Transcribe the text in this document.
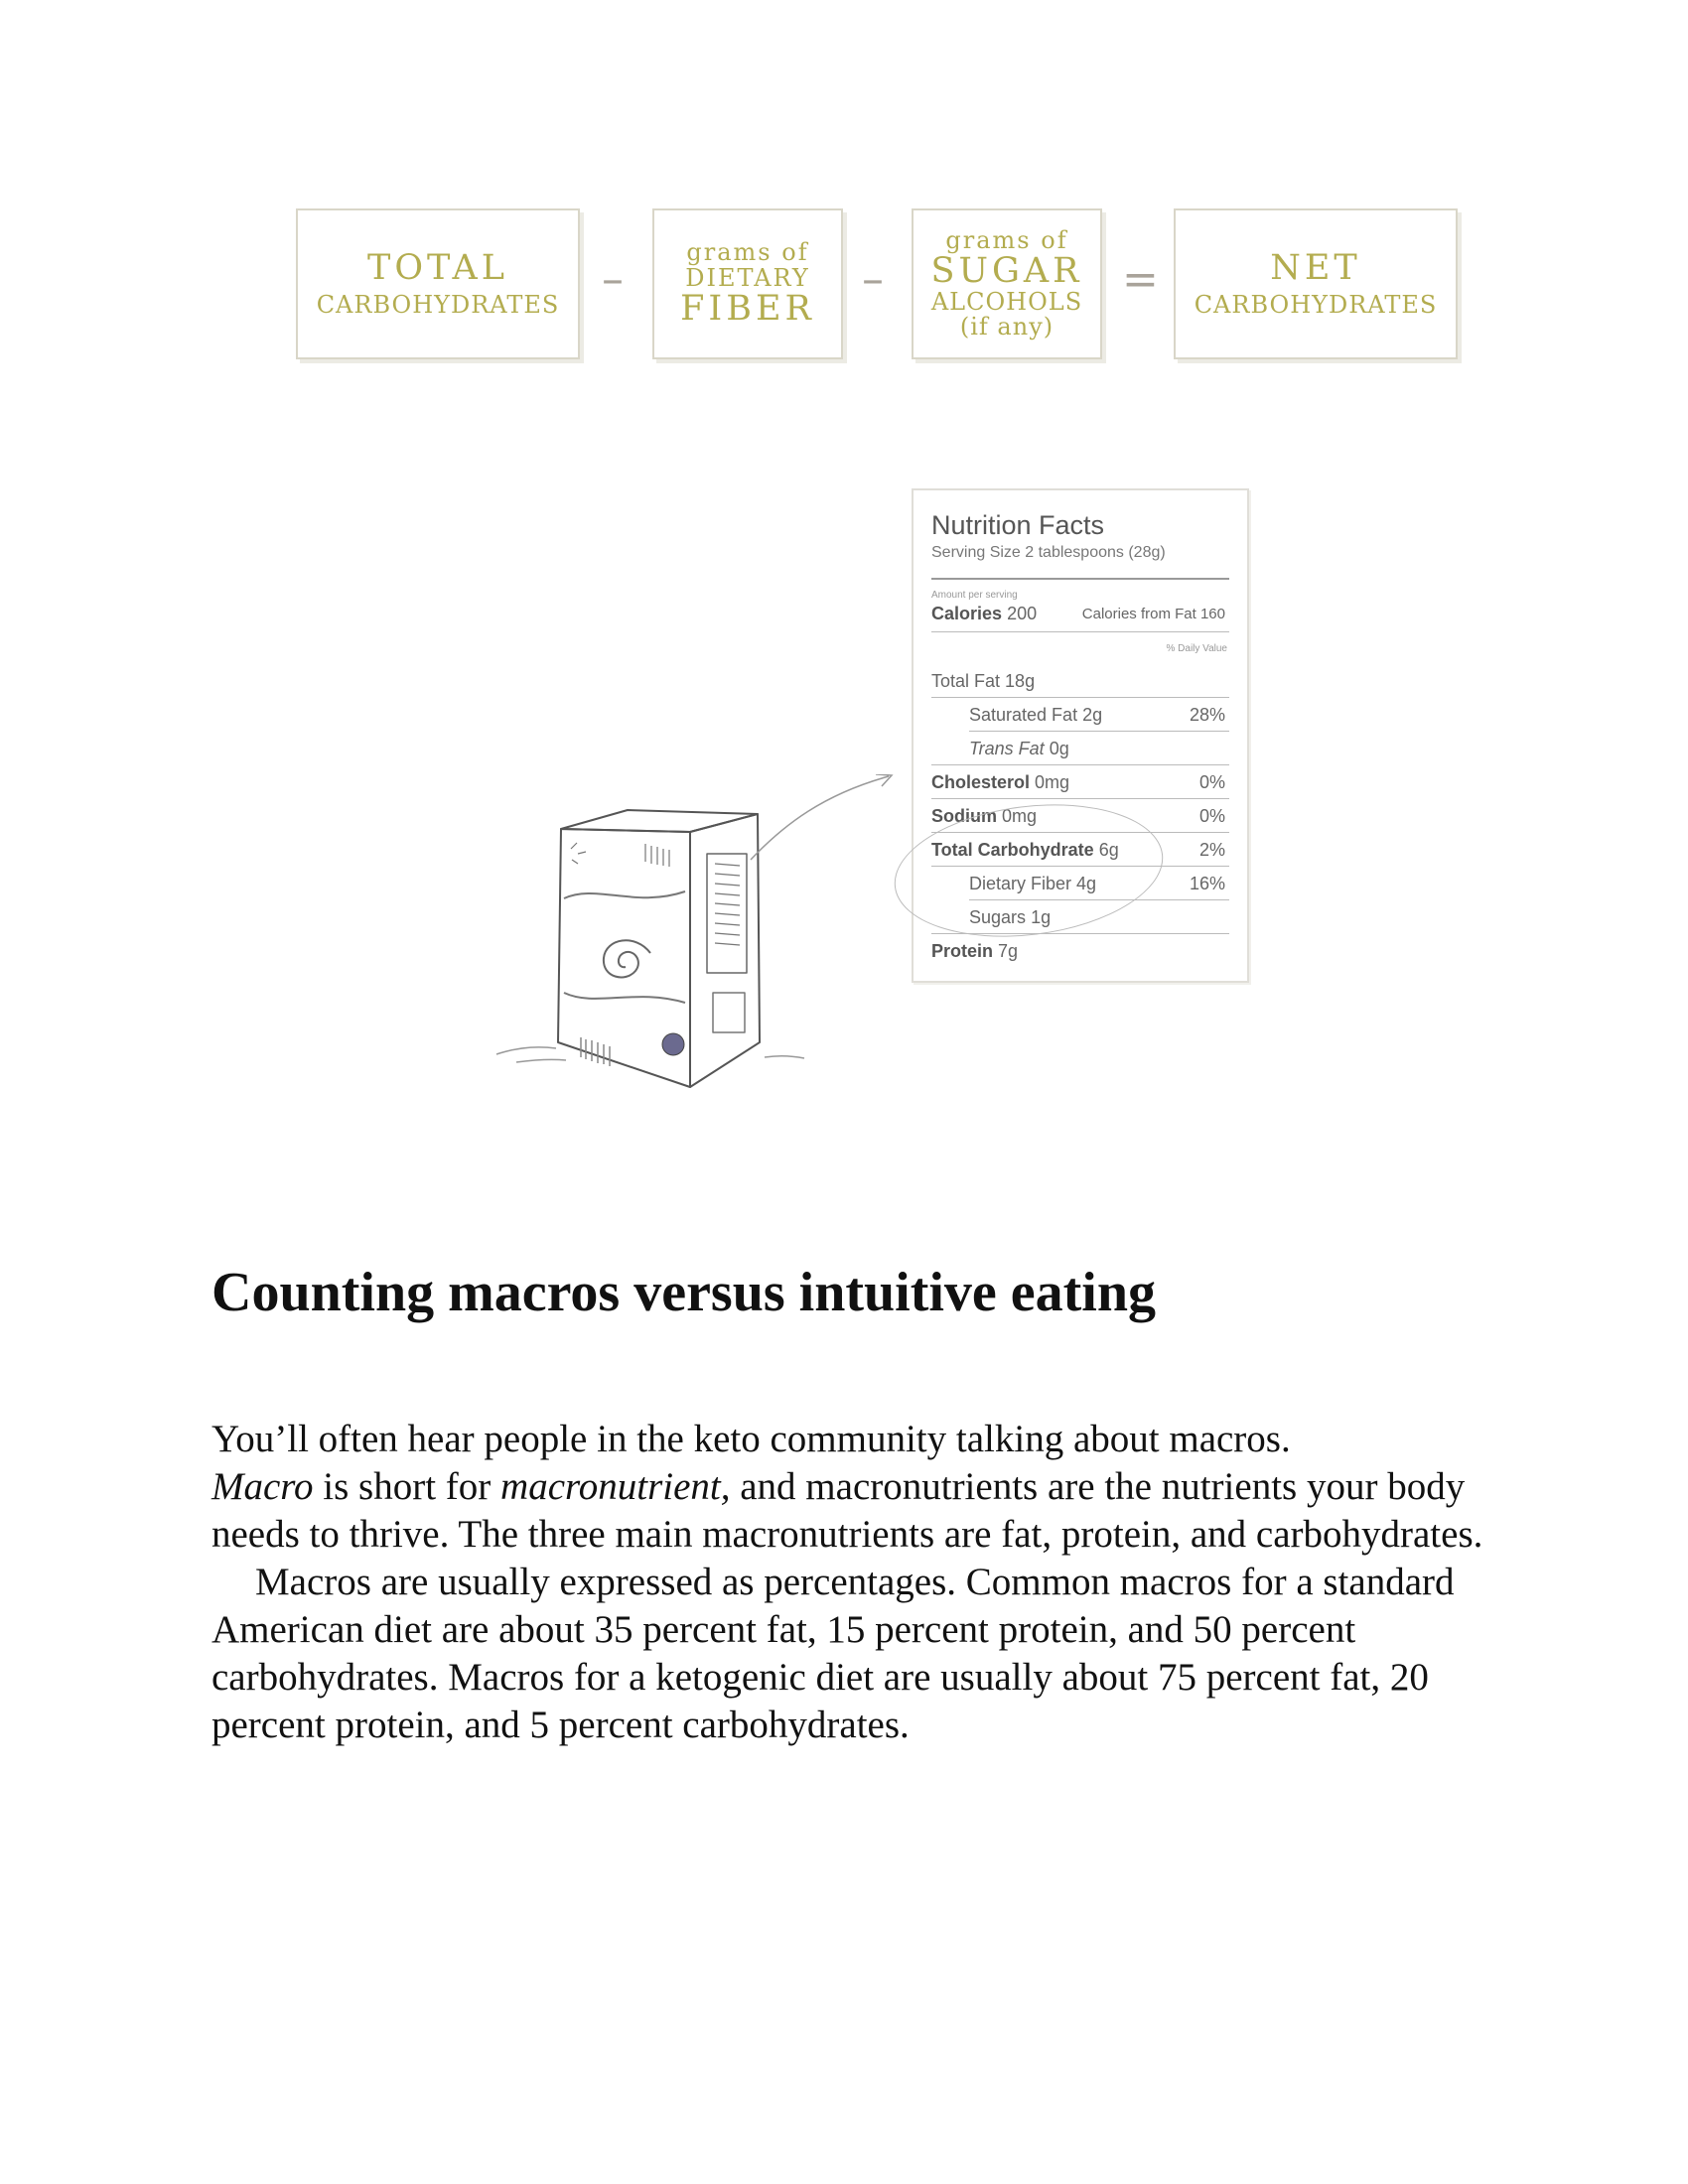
TOTAL
CARBOHYDRATES –
grams of
DIETARY
FIBER
–
grams of
SUGAR
ALCOHOLS
(if any)
=	NET
CARBOHYDRATES
Nutrition Facts
Serving Size 2 tablespoons (28g)
Amount per serving
Calories 200	Calories from Fat 160
% Daily Value
Total Fat 18g
Saturated Fat 2g	28%
Trans Fat 0g
Cholesterol 0mg	0%
Sodium 0mg	0%
Total Carbohydrate 6g	2%
Dietary Fiber 4g	16%
Sugars 1g
Protein 7g
Counting macros versus intuitive eating

You’ll often hear people in the keto community talking about macros.
Macro is short for macronutrient, and macronutrients are the nutrients your body needs to thrive. The three main macronutrients are fat, protein, and carbohydrates.

Macros are usually expressed as percentages. Common macros for a standard American diet are about 35 percent fat, 15 percent protein, and 50 percent carbohydrates. Macros for a ketogenic diet are usually about 75 percent fat, 20 percent protein, and 5 percent carbohydrates.
